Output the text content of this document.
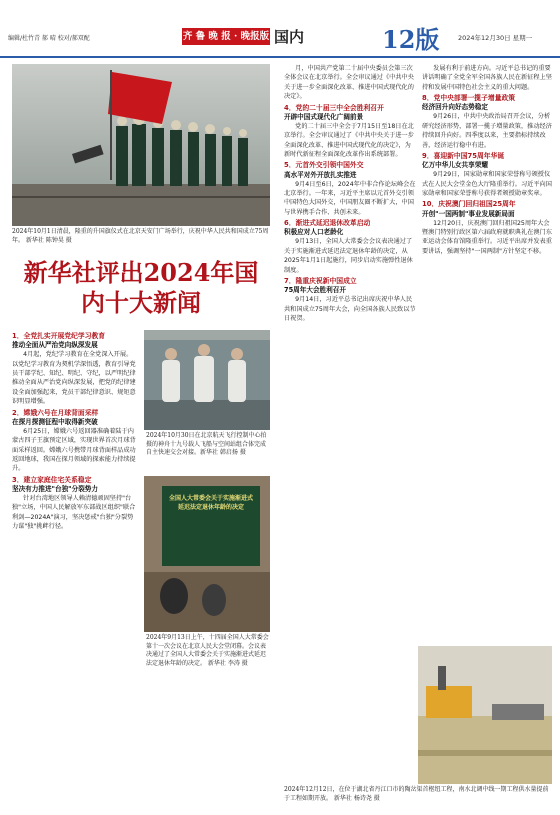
编辑/杜竹青 郝 晴 校对/郝双配	齐 鲁 晚 报 · 晚报版 国内	12版	2024年12月30日 星期一
2024年10月1日清晨，隆重的升国旗仪式在北京天安门广场举行，庆祝中华人民共和国成立75周年。 新华社 陈钟昊 摄
新华社评出2024年国内十大新闻
1．全党扎实开展党纪学习教育
推动全面从严治党向纵深发展

4月起，党纪学习教育在全党深入开展。以党纪学习教育为契机学深悟透，教育引导党员干部学纪、知纪、明纪、守纪，以严明纪律推动全面从严治党向纵深发展，把党的纪律建设全面加强起来，党员干部纪律意识、规矩意识明显增强。

2．嫦娥六号在月球背面采样
在探月探测征程中取得新突破

6月25日，嫦娥六号返回器准确着陆于内蒙古四子王旗预定区域，实现世界首次月球背面采样返回。嫦娥六号携带月球背面样品成功返回地球，我国在探月领域的探索能力持续提升。

3．建立家庭住宅关系稳定
坚决有力推进"台独"分裂势力

针对台湾地区领导人赖清德顽固坚持"台独"立场，中国人民解放军东部战区组织"联合利剑—2024A"演习，坚决惩戒"台独"分裂势力谋"独"挑衅行径。

2024年10月30日在北京航天飞行控制中心拍摄的神舟十九号载人飞船与空间站组合体完成自主快速交会对接。新华社 韩启扬 摄
全国人大常委会关于实施渐进式延迟法定退休年龄的决定
2024年9月13日上午，十四届全国人大常委会第十一次会议在北京人民大会堂闭幕。会议表决通过了全国人大常委会关于实施渐进式延迟法定退休年龄的决定。 新华社 李涛 摄

月，中国共产党第二十届中央委员会第三次全体会议在北京举行。全会审议通过《中共中央关于进一步全面深化改革、推进中国式现代化的决定》。

4．党的二十届三中全会胜利召开
开辟中国式现代化广阔前景

党的二十届三中全会于7月15日至18日在北京举行。全会审议通过了《中共中央关于进一步全面深化改革、推进中国式现代化的决定》，为新时代新征程全面深化改革作出系统部署。

5．元首外交引领中国外交
高水平对外开放扎实推进

9月4日至6日，2024年中非合作论坛峰会在北京举行。一年来，习近平主席以元首外交引领中国特色大国外交，中国朋友圈不断扩大，中国与世界携手合作、共创未来。

6．渐进式延迟退休改革启动
积极应对人口老龄化

9月13日，全国人大常委会会议表决通过了关于实施渐进式延迟法定退休年龄的决定，从2025年1月1日起施行，同步启动实施弹性退休制度。

7．隆重庆祝新中国成立
75周年大会胜利召开

9月14日，习近平总书记出席庆祝中华人民共和国成立75周年大会，向全国各族人民致以节日祝贺。

发展有利于前进方向。习近平总书记的重要讲话明确了全党全军全国各族人民在新征程上坚持和发展中国特色社会主义的重大问题。

8．党中央部署一揽子增量政策
经济回升向好态势稳定

9月26日，中共中央政治局召开会议，分析研究经济形势，部署一揽子增量政策，推动经济持续回升向好。四季度以来，主要指标持续改善，经济运行稳中有进。

9．喜迎新中国75周年华诞
亿万中华儿女共享荣耀

9月29日，国家勋章和国家荣誉称号颁授仪式在人民大会堂金色大厅隆重举行。习近平向国家勋章和国家荣誉称号获得者颁授勋章奖章。

10．庆祝澳门回归祖国25周年
开创"一国两制"事业发展新局面

12月20日，庆祝澳门回归祖国25周年大会暨澳门特别行政区第六届政府就职典礼在澳门东亚运动会体育馆隆重举行。习近平出席并发表重要讲话，强调坚持"一国两制"方针坚定不移。

2024年12月12日，在位于湖北省丹江口市的陶岔渠首枢纽工程，南水北调中线一期工程供水量提前于工程如期开放。 新华社 杨诗尧 摄
